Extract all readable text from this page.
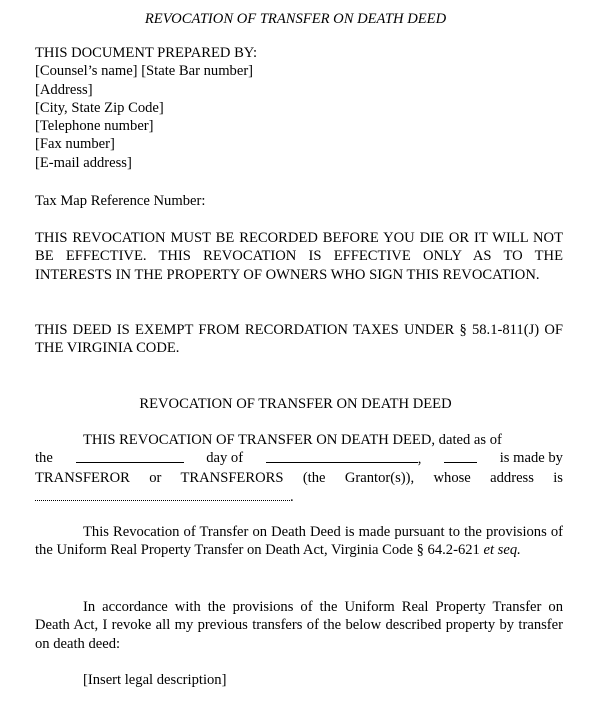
REVOCATION OF TRANSFER ON DEATH DEED
THIS DOCUMENT PREPARED BY:
[Counsel’s name] [State Bar number]
[Address]
[City, State Zip Code]
[Telephone number]
[Fax number]
[E-mail address]
Tax Map Reference Number:
THIS REVOCATION MUST BE RECORDED BEFORE YOU DIE OR IT WILL NOT BE EFFECTIVE. THIS REVOCATION IS EFFECTIVE ONLY AS TO THE INTERESTS IN THE PROPERTY OF OWNERS WHO SIGN THIS REVOCATION.
THIS DEED IS EXEMPT FROM RECORDATION TAXES UNDER § 58.1-811(J) OF THE VIRGINIA CODE.
REVOCATION OF TRANSFER ON DEATH DEED
THIS REVOCATION OF TRANSFER ON DEATH DEED, dated as of
the	day of	,	is made by
TRANSFEROR or TRANSFERORS (the Grantor(s)), whose address is
.
This Revocation of Transfer on Death Deed is made pursuant to the provisions of the Uniform Real Property Transfer on Death Act, Virginia Code § 64.2-621 et seq.
In accordance with the provisions of the Uniform Real Property Transfer on Death Act, I revoke all my previous transfers of the below described property by transfer on death deed:
[Insert legal description]
